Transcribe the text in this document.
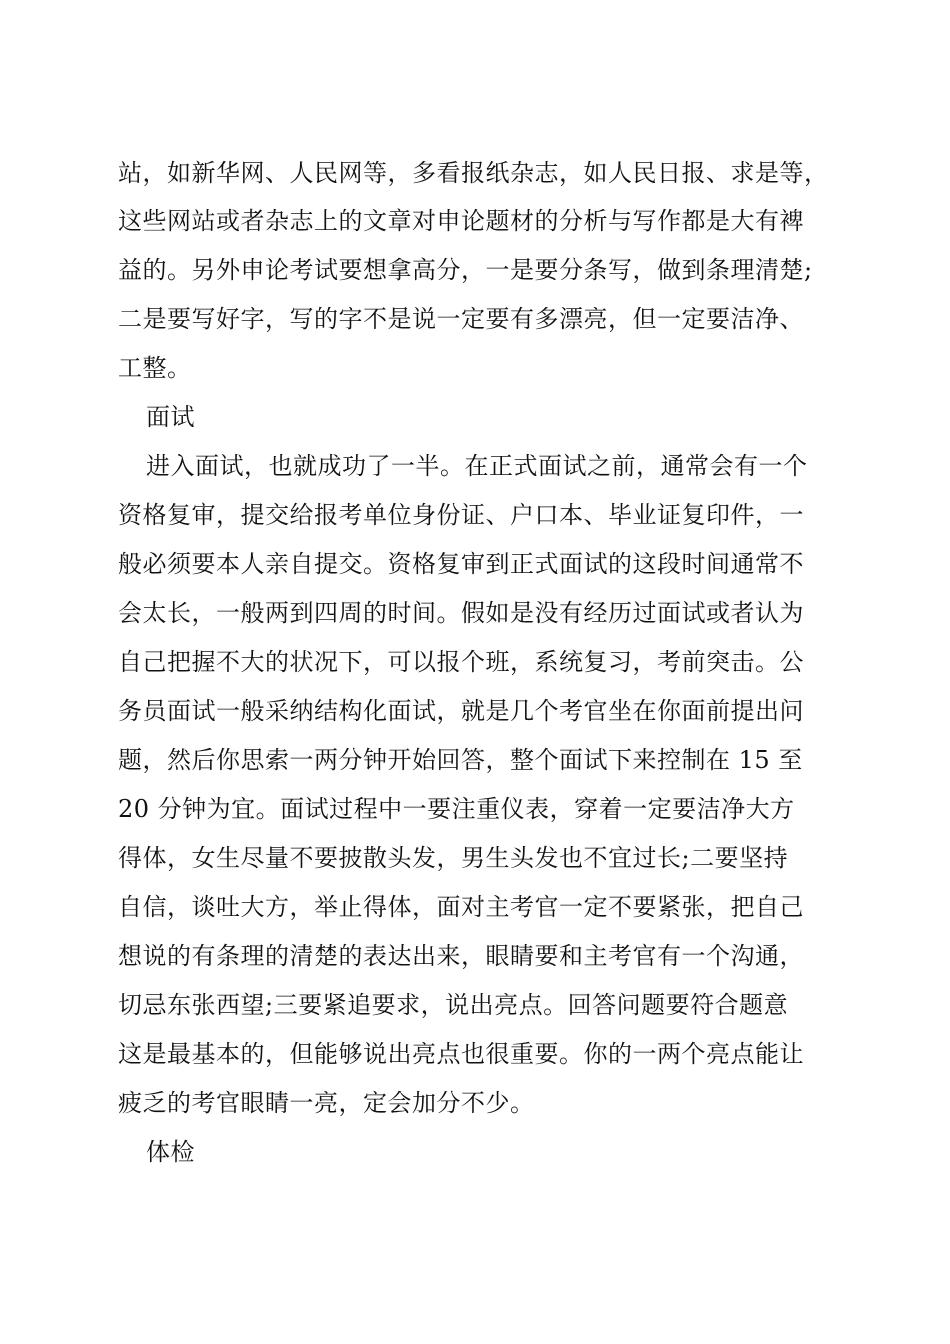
站，如新华网、人民网等，多看报纸杂志，如人民日报、求是等，
这些网站或者杂志上的文章对申论题材的分析与写作都是大有裨
益的。另外申论考试要想拿高分，一是要分条写，做到条理清楚;
二是要写好字，写的字不是说一定要有多漂亮，但一定要洁净、
工整。
面试
进入面试，也就成功了一半。在正式面试之前，通常会有一个
资格复审，提交给报考单位身份证、户口本、毕业证复印件，一
般必须要本人亲自提交。资格复审到正式面试的这段时间通常不
会太长，一般两到四周的时间。假如是没有经历过面试或者认为
自己把握不大的状况下，可以报个班，系统复习，考前突击。公
务员面试一般采纳结构化面试，就是几个考官坐在你面前提出问
题，然后你思索一两分钟开始回答，整个面试下来控制在 15 至
20 分钟为宜。面试过程中一要注重仪表，穿着一定要洁净大方
得体，女生尽量不要披散头发，男生头发也不宜过长;二要坚持
自信，谈吐大方，举止得体，面对主考官一定不要紧张，把自己
想说的有条理的清楚的表达出来，眼睛要和主考官有一个沟通，
切忌东张西望;三要紧追要求，说出亮点。回答问题要符合题意
这是最基本的，但能够说出亮点也很重要。你的一两个亮点能让
疲乏的考官眼睛一亮，定会加分不少。
体检
